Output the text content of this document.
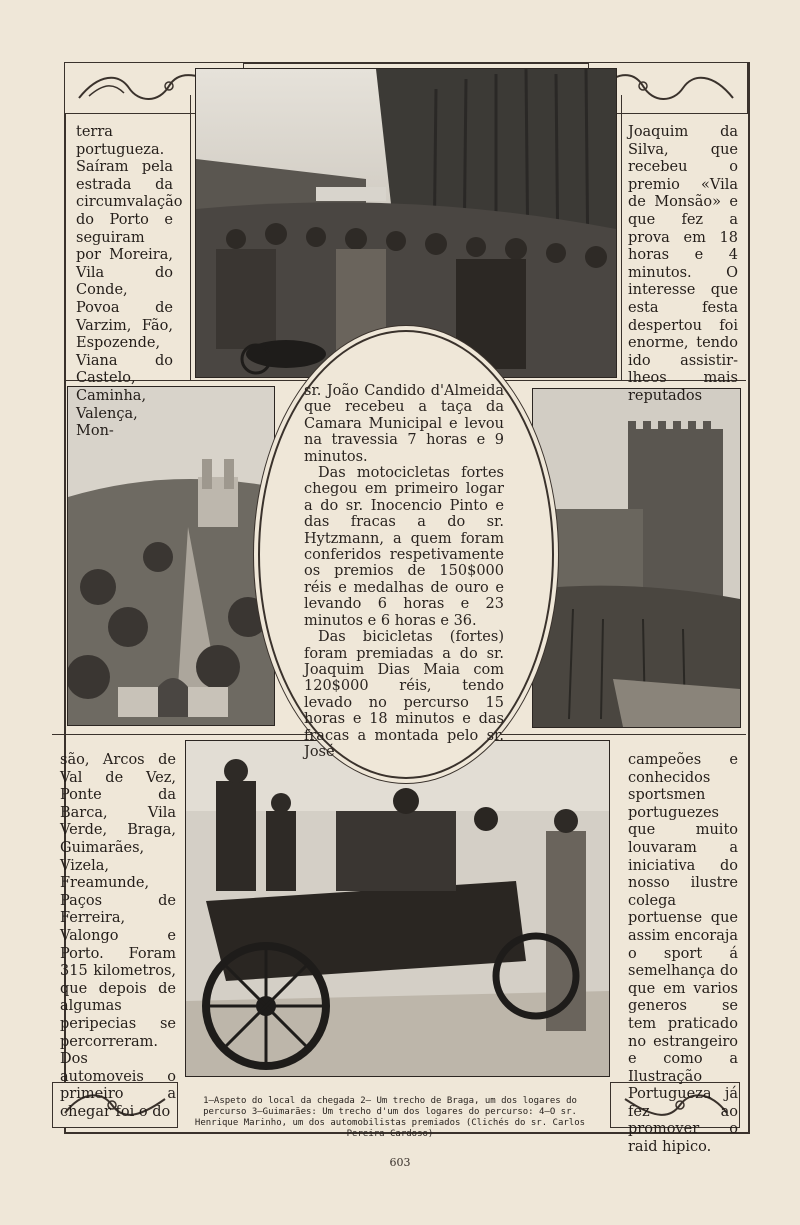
sr. João Candido d'Almeida que recebeu a taça da Camara Municipal e levou na travessia 7 horas e 9 minutos.

Das motocicletas fortes chegou em primeiro logar a do sr. Inocencio Pinto e das fracas a do sr. Hytzmann, a quem foram conferidos respetivamente os premios de 150$000 réis e medalhas de ouro e levando 6 horas e 23 minutos e 6 horas e 36.

Das bicicletas (fortes) foram premiadas a do sr. Joaquim Dias Maia com 120$000 réis, tendo levado no percurso 15 horas e 18 minutos e das fracas a montada pelo sr. José

terra portugueza. Saíram pela estrada da circumvalação do Porto e seguiram por Moreira, Vila do Conde, Povoa de Varzim, Fão, Espozende, Viana do Castelo, Caminha, Valença, Mon-

Joaquim da Silva, que recebeu o premio «Vila de Monsão» e que fez a prova em 18 horas e 4 minutos. O interesse que esta festa despertou foi enorme, tendo ido assistir-lheos mais reputados

são, Arcos de Val de Vez, Ponte da Barca, Vila Verde, Braga, Guimarães, Vizela, Freamunde, Paços de Ferreira, Valongo e Porto. Foram 315 kilometros, que depois de algumas peripecias se percorreram. Dos automoveis o primeiro a chegar foi o do

campeões e conhecidos sportsmen portuguezes que muito louvaram a iniciativa do nosso ilustre colega portuense que assim encoraja o sport á semelhança do que em varios generos se tem praticado no estrangeiro e como a Ilustração Portugueza já fez ao promover o raid hipico.

1—Aspeto do local da chegada 2— Um trecho de Braga, um dos logares do percurso 3—Guimarães: Um trecho d'um dos logares do percurso: 4—O sr. Henrique Marinho, um dos automobilistas premiados (Clichés do sr. Carlos Pereira Cardoso)
603
